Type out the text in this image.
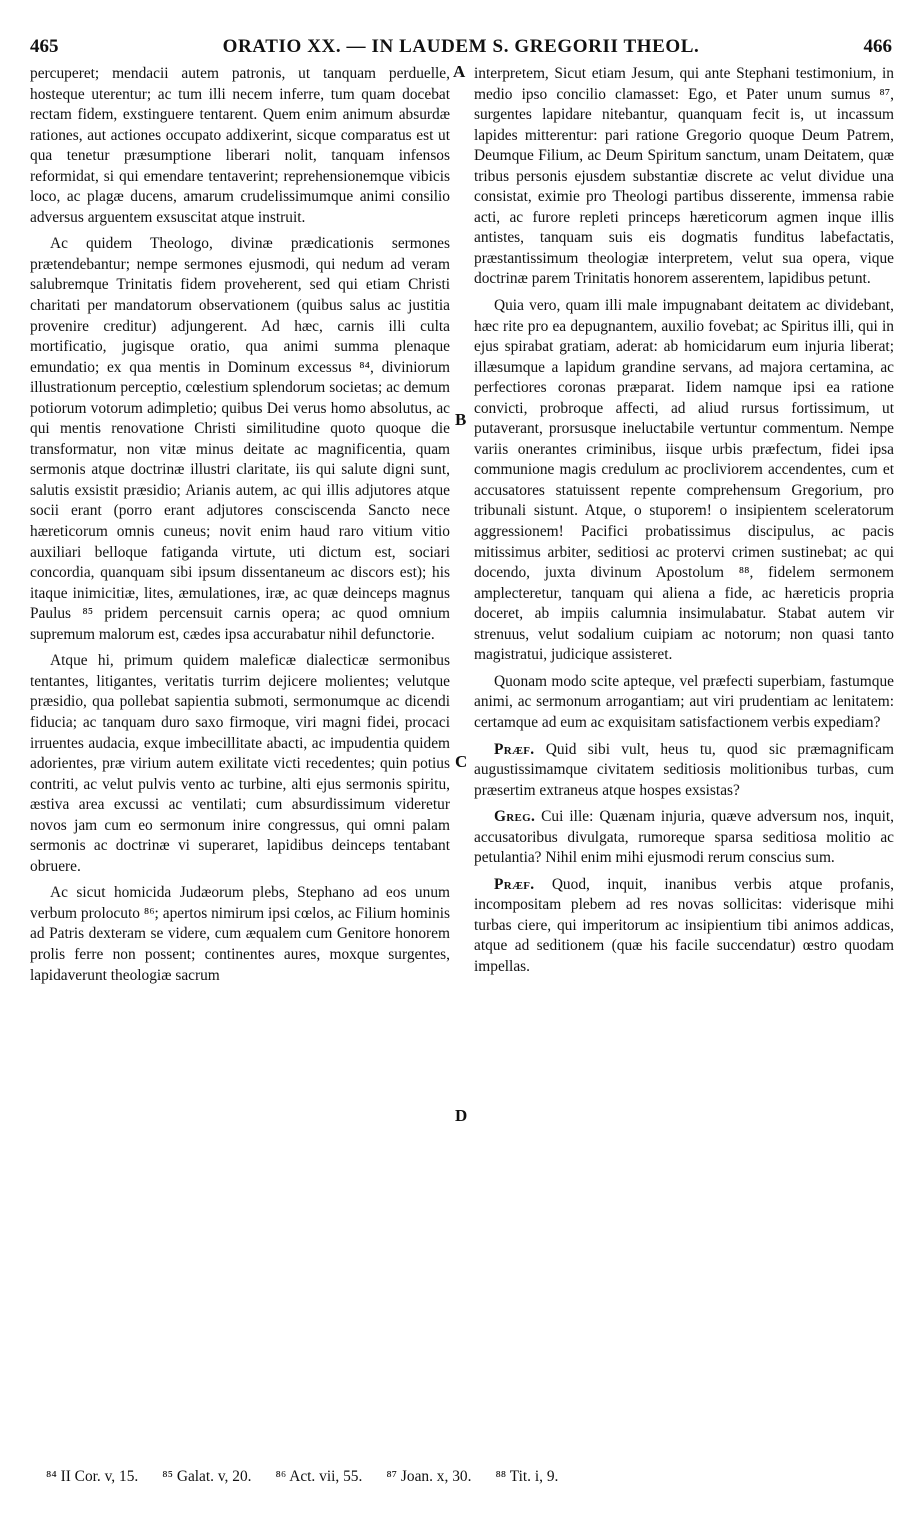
465	ORATIO XX. — IN LAUDEM S. GREGORII THEOL.	466

percuperet; mendacii autem patronis, ut tanquam perduelle, hosteque uterentur; ac tum illi necem inferre, tum quam docebat rectam fidem, exstinguere tentarent. Quem enim animum absurdæ rationes, aut actiones occupato addixerint, sicque comparatus est ut qua tenetur præsumptione liberari nolit, tanquam infensos reformidat, si qui emendare tentaverint; reprehensionemque vibicis loco, ac plagæ ducens, amarum crudelissimumque animi consilio adversus arguentem exsuscitat atque instruit.

Ac quidem Theologo, divinæ prædicationis sermones prætendebantur; nempe sermones ejusmodi, qui nedum ad veram salubremque Trinitatis fidem proveherent, sed qui etiam Christi charitati per mandatorum observationem (quibus salus ac justitia provenire creditur) adjungerent. Ad hæc, carnis illi culta mortificatio, jugisque oratio, qua animi summa plenaque emundatio; ex qua mentis in Dominum excessus ⁸⁴, diviniorum illustrationum perceptio, cœlestium splendorum societas; ac demum potiorum votorum adimpletio; quibus Dei verus homo absolutus, ac qui mentis renovatione Christi similitudine quoto quoque die transformatur, non vitæ minus deitate ac magnificentia, quam sermonis atque doctrinæ illustri claritate, iis qui salute digni sunt, salutis exsistit præsidio; Arianis autem, ac qui illis adjutores atque socii erant (porro erant adjutores consciscenda Sancto nece hæreticorum omnis cuneus; novit enim haud raro vitium vitio auxiliari belloque fatiganda virtute, uti dictum est, sociari concordia, quanquam sibi ipsum dissentaneum ac discors est); his itaque inimicitiæ, lites, æmulationes, iræ, ac quæ deinceps magnus Paulus ⁸⁵ pridem percensuit carnis opera; ac quod omnium supremum malorum est, cædes ipsa accurabatur nihil defunctorie.

Atque hi, primum quidem maleficæ dialecticæ sermonibus tentantes, litigantes, veritatis turrim dejicere molientes; velutque præsidio, qua pollebat sapientia submoti, sermonumque ac dicendi fiducia; ac tanquam duro saxo firmoque, viri magni fidei, procaci irruentes audacia, exque imbecillitate abacti, ac impudentia quidem adorientes, præ virium autem exilitate victi recedentes; quin potius contriti, ac velut pulvis vento ac turbine, alti ejus sermonis spiritu, æstiva area excussi ac ventilati; cum absurdissimum videretur novos jam cum eo sermonum inire congressus, qui omni palam sermonis ac doctrinæ vi superaret, lapidibus deinceps tentabant obruere.

Ac sicut homicida Judæorum plebs, Stephano ad eos unum verbum prolocuto ⁸⁶; apertos nimirum ipsi cœlos, ac Filium hominis ad Patris dexteram se videre, cum æqualem cum Genitore honorem prolis ferre non possent; continentes aures, moxque surgentes, lapidaverunt theologiæ sacrum

A
B
C
D

interpretem, Sicut etiam Jesum, qui ante Stephani testimonium, in medio ipso concilio clamasset: Ego, et Pater unum sumus ⁸⁷, surgentes lapidare nitebantur, quanquam fecit is, ut incassum lapides mitterentur: pari ratione Gregorio quoque Deum Patrem, Deumque Filium, ac Deum Spiritum sanctum, unam Deitatem, quæ tribus personis ejusdem substantiæ discrete ac velut dividue una consistat, eximie pro Theologi partibus disserente, immensa rabie acti, ac furore repleti princeps hæreticorum agmen inque illis antistes, tanquam suis eis dogmatis funditus labefactatis, præstantissimum theologiæ interpretem, velut sua opera, vique doctrinæ parem Trinitatis honorem asserentem, lapidibus petunt.

Quia vero, quam illi male impugnabant deitatem ac dividebant, hæc rite pro ea depugnantem, auxilio fovebat; ac Spiritus illi, qui in ejus spirabat gratiam, aderat: ab homicidarum eum injuria liberat; illæsumque a lapidum grandine servans, ad majora certamina, ac perfectiores coronas præparat. Iidem namque ipsi ea ratione convicti, probroque affecti, ad aliud rursus fortissimum, ut putaverant, prorsusque ineluctabile vertuntur commentum. Nempe variis onerantes criminibus, iisque urbis præfectum, fidei ipsa communione magis credulum ac procliviorem accendentes, cum et accusatores statuissent repente comprehensum Gregorium, pro tribunali sistunt. Atque, o stuporem! o insipientem sceleratorum aggressionem! Pacifici probatissimus discipulus, ac pacis mitissimus arbiter, seditiosi ac protervi crimen sustinebat; ac qui docendo, juxta divinum Apostolum ⁸⁸, fidelem sermonem amplecteretur, tanquam qui aliena a fide, ac hæreticis propria doceret, ab impiis calumnia insimulabatur. Stabat autem vir strenuus, velut sodalium cuipiam ac notorum; non quasi tanto magistratui, judicique assisteret.

Quonam modo scite apteque, vel præfecti superbiam, fastumque animi, ac sermonum arrogantiam; aut viri prudentiam ac lenitatem: certamque ad eum ac exquisitam satisfactionem verbis expediam?

Præf. Quid sibi vult, heus tu, quod sic præmagnificam augustissimamque civitatem seditiosis molitionibus turbas, cum præsertim extraneus atque hospes exsistas?

Greg. Cui ille: Quænam injuria, quæve adversum nos, inquit, accusatoribus divulgata, rumoreque sparsa seditiosa molitio ac petulantia? Nihil enim mihi ejusmodi rerum conscius sum.

Præf. Quod, inquit, inanibus verbis atque profanis, incompositam plebem ad res novas sollicitas: viderisque mihi turbas ciere, qui imperitorum ac insipientium tibi animos addicas, atque ad seditionem (quæ his facile succendatur) œstro quodam impellas.

⁸⁴ II Cor. v, 15. ⁸⁵ Galat. v, 20. ⁸⁶ Act. vii, 55. ⁸⁷ Joan. x, 30. ⁸⁸ Tit. i, 9.
